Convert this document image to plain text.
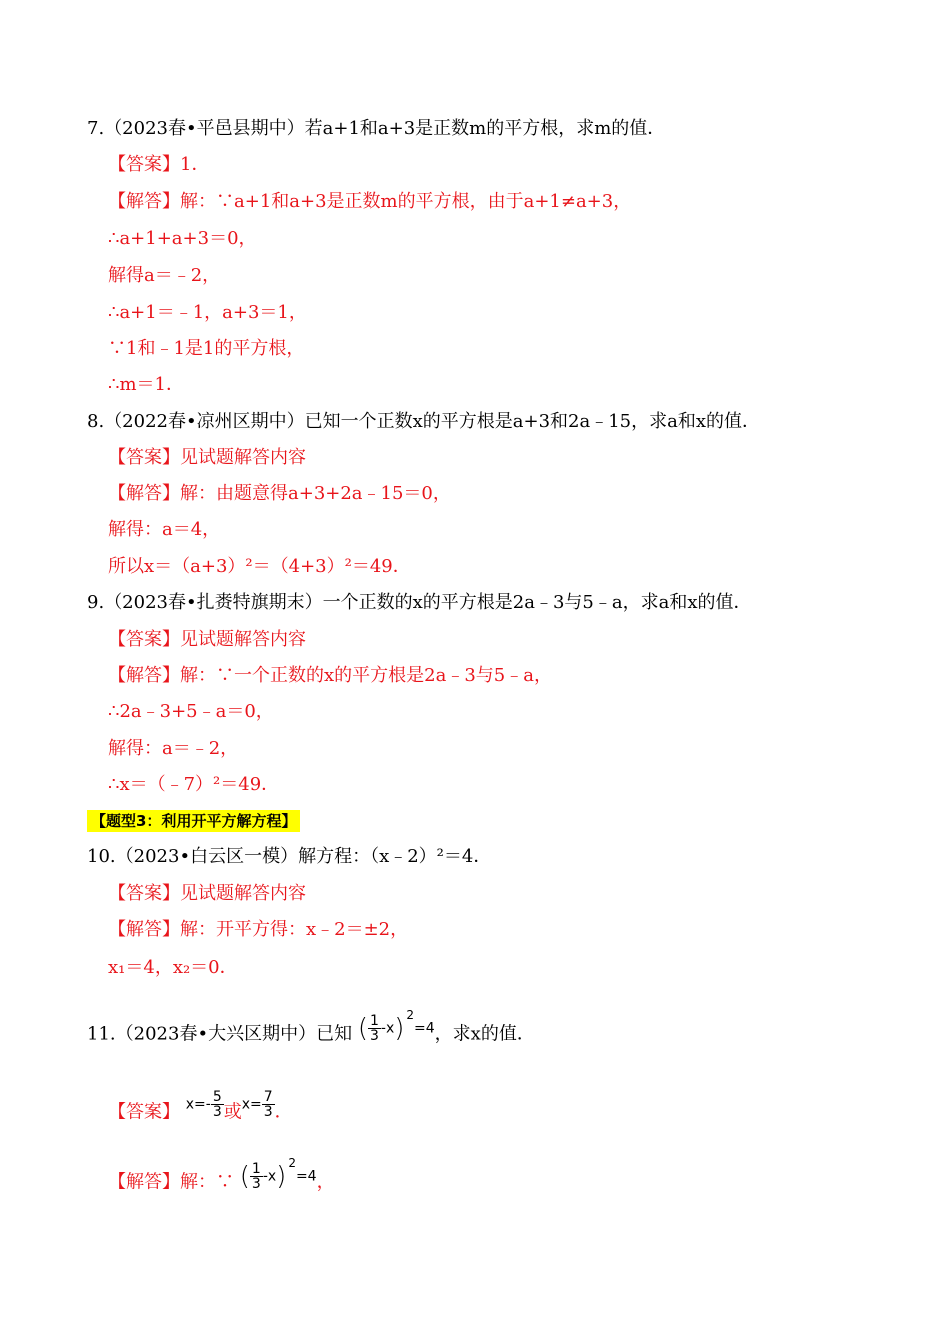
7.（2023春•平邑县期中）若a+1和a+3是正数m的平方根，求m的值．
【答案】1．
【解答】解：∵a+1和a+3是正数m的平方根，由于a+1≠a+3，
∴a+1+a+3＝0，
解得a＝﹣2，
∴a+1＝﹣1，a+3＝1，
∵1和﹣1是1的平方根，
∴m＝1．
8.（2022春•凉州区期中）已知一个正数x的平方根是a+3和2a﹣15，求a和x的值．
【答案】见试题解答内容
【解答】解：由题意得a+3+2a﹣15＝0，
解得：a＝4，
所以x＝（a+3）²＝（4+3）²＝49．
9.（2023春•扎赉特旗期末）一个正数的x的平方根是2a﹣3与5﹣a，求a和x的值．
【答案】见试题解答内容
【解答】解：∵一个正数的x的平方根是2a﹣3与5﹣a，
∴2a﹣3+5﹣a＝0，
解得：a＝﹣2，
∴x＝（﹣7）²＝49．
【题型3：利用开平方解方程】
10.（2023•白云区一模）解方程：（x﹣2）²＝4．
【答案】见试题解答内容
【解答】解：开平方得：x﹣2＝±2，
x₁＝4，x₂＝0．
11.（2023春•大兴区期中）已知 ( $\frac{1}{3} -x$) 2=4，求x的值．
【答案】 $x=- \frac{5}{3}$ 或$x= \frac{7}{3}$ ．
【解答】解：∵ ( $\frac{1}{3} -x$) 2=4，
